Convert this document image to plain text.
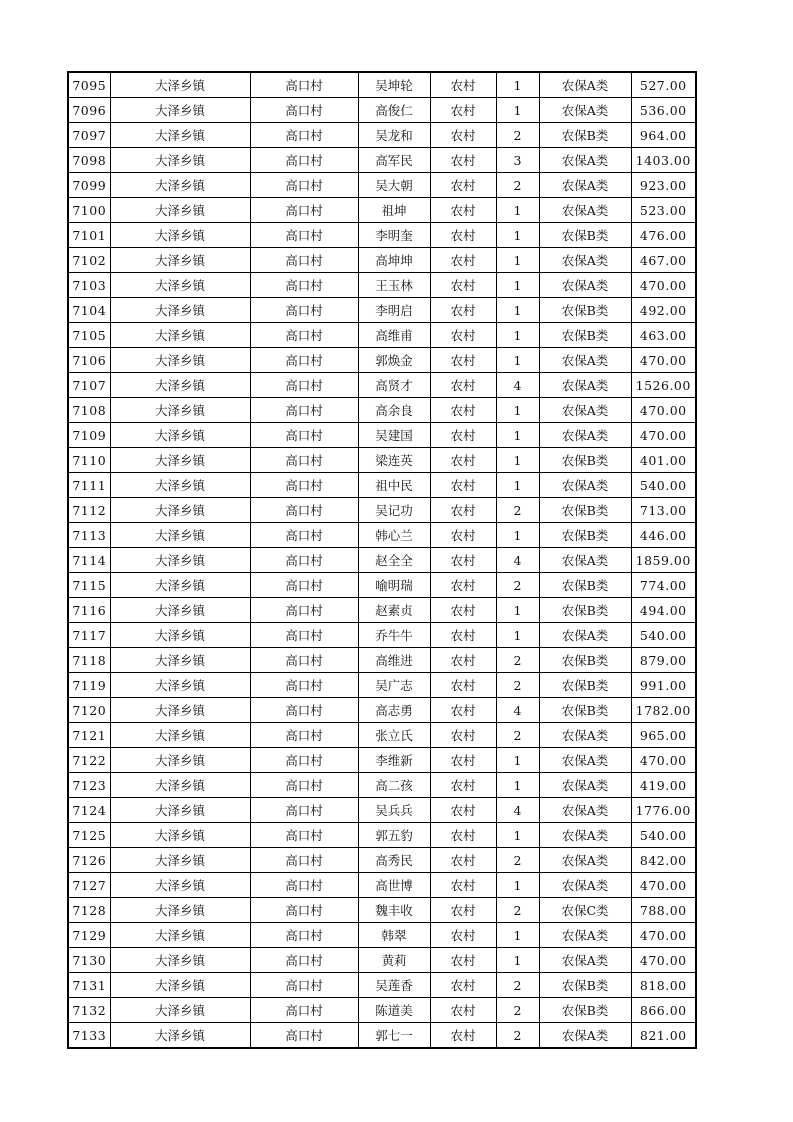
7095	大泽乡镇	高口村	吴坤轮	农村	1	农保A类	527.00
7096	大泽乡镇	高口村	高俊仁	农村	1	农保A类	536.00
7097	大泽乡镇	高口村	吴龙和	农村	2	农保B类	964.00
7098	大泽乡镇	高口村	高军民	农村	3	农保A类	1403.00
7099	大泽乡镇	高口村	吴大朝	农村	2	农保A类	923.00
7100	大泽乡镇	高口村	祖坤	农村	1	农保A类	523.00
7101	大泽乡镇	高口村	李明奎	农村	1	农保B类	476.00
7102	大泽乡镇	高口村	高坤坤	农村	1	农保A类	467.00
7103	大泽乡镇	高口村	王玉林	农村	1	农保A类	470.00
7104	大泽乡镇	高口村	李明启	农村	1	农保B类	492.00
7105	大泽乡镇	高口村	高维甫	农村	1	农保B类	463.00
7106	大泽乡镇	高口村	郭焕金	农村	1	农保A类	470.00
7107	大泽乡镇	高口村	高贤才	农村	4	农保A类	1526.00
7108	大泽乡镇	高口村	高余良	农村	1	农保A类	470.00
7109	大泽乡镇	高口村	吴建国	农村	1	农保A类	470.00
7110	大泽乡镇	高口村	梁连英	农村	1	农保B类	401.00
7111	大泽乡镇	高口村	祖中民	农村	1	农保A类	540.00
7112	大泽乡镇	高口村	吴记功	农村	2	农保B类	713.00
7113	大泽乡镇	高口村	韩心兰	农村	1	农保B类	446.00
7114	大泽乡镇	高口村	赵全全	农村	4	农保A类	1859.00
7115	大泽乡镇	高口村	喻明瑞	农村	2	农保B类	774.00
7116	大泽乡镇	高口村	赵素贞	农村	1	农保B类	494.00
7117	大泽乡镇	高口村	乔牛牛	农村	1	农保A类	540.00
7118	大泽乡镇	高口村	高维进	农村	2	农保B类	879.00
7119	大泽乡镇	高口村	吴广志	农村	2	农保B类	991.00
7120	大泽乡镇	高口村	高志勇	农村	4	农保B类	1782.00
7121	大泽乡镇	高口村	张立氏	农村	2	农保A类	965.00
7122	大泽乡镇	高口村	李维新	农村	1	农保A类	470.00
7123	大泽乡镇	高口村	高二孩	农村	1	农保A类	419.00
7124	大泽乡镇	高口村	吴兵兵	农村	4	农保A类	1776.00
7125	大泽乡镇	高口村	郭五豹	农村	1	农保A类	540.00
7126	大泽乡镇	高口村	高秀民	农村	2	农保A类	842.00
7127	大泽乡镇	高口村	高世博	农村	1	农保A类	470.00
7128	大泽乡镇	高口村	魏丰收	农村	2	农保C类	788.00
7129	大泽乡镇	高口村	韩翠	农村	1	农保A类	470.00
7130	大泽乡镇	高口村	黄莉	农村	1	农保A类	470.00
7131	大泽乡镇	高口村	吴莲香	农村	2	农保B类	818.00
7132	大泽乡镇	高口村	陈道美	农村	2	农保B类	866.00
7133	大泽乡镇	高口村	郭七一	农村	2	农保A类	821.00
